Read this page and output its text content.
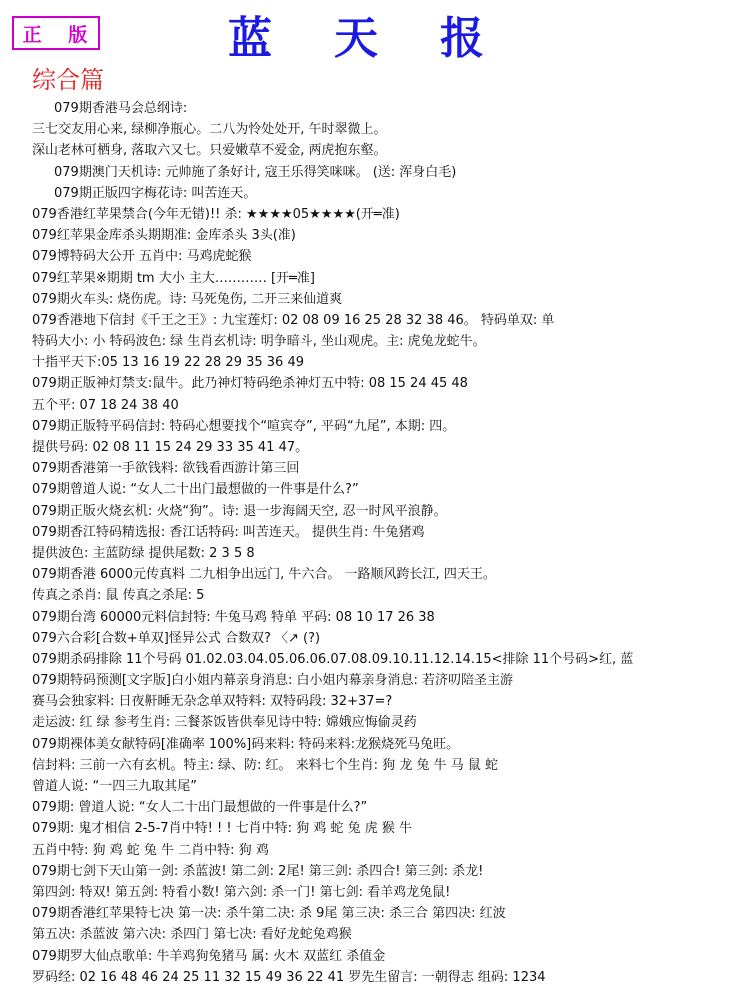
正 版	蓝天报
综合篇
079期香港马会总纲诗:
三七交友用心来, 绿柳净瓶心。二八为怜处处开, 午时翠微上。
深山老林可栖身, 落取六又七。只爱嫩草不爱金, 两虎抱东壑。
079期澳门天机诗: 元帅施了条好计, 寇王乐得笑咪咪。 (送: 浑身白毛)
079期正版四字梅花诗: 叫苦连天。
079香港红苹果禁合(今年无错)!! 杀: ★★★★05★★★★(开═准)
079红苹果金库杀头期期准: 金库杀头 3头(准)
079博特码大公开 五肖中: 马鸡虎蛇猴
079红苹果※期期 tm 大小 主大………… [开═准]
079期火车头: 烧伤虎。诗: 马死兔伤, 二开三来仙道爽
079香港地下信封《千王之王》: 九宝莲灯: 02 08 09 16 25 28 32 38 46。 特码单双: 单
特码大小: 小 特码波色: 绿 生肖玄机诗: 明争暗斗, 坐山观虎。主: 虎兔龙蛇牛。
十指平天下:05 13 16 19 22 28 29 35 36 49
079期正版神灯禁支:鼠牛。此乃神灯特码绝杀神灯五中特: 08 15 24 45 48
五个平: 07 18 24 38 40
079期正版特平码信封: 特码心想要找个“喧宾夺”, 平码“九尾”, 本期: 四。
提供号码: 02 08 11 15 24 29 33 35 41 47。
079期香港第一手欲钱料: 欲钱看西游计第三回
079期曾道人说: “女人二十出门最想做的一件事是什么?”
079期正版火烧玄机: 火烧“狗”。诗: 退一步海阔天空, 忍一时风平浪静。
079期香江特码精选报: 香江话特码: 叫苦连天。 提供生肖: 牛兔猪鸡
提供波色: 主蓝防绿 提供尾数: 2 3 5 8
079期香港 6000元传真料 二九相争出远门, 牛六合。 一路顺风跨长江, 四天王。
传真之杀肖: 鼠 传真之杀尾: 5
079期台湾 60000元料信封特: 牛兔马鸡 特单 平码: 08 10 17 26 38
079六合彩[合数+单双]怪异公式 合数双? 〈↗ (?)
079期杀码排除 11个号码 01.02.03.04.05.06.06.07.08.09.10.11.12.14.15<排除 11个号码>红, 蓝
079期特码预测[文字版]白小姐内幕亲身消息: 白小姐内幕亲身消息: 若济叨陪圣主游
赛马会独家料: 日夜鼾睡无杂念单双特料: 双特码段: 32+37=?
走运波: 红 绿 参考生肖: 三餐茶饭皆供奉见诗中特: 嫦娥应悔偷灵药
079期裸体美女献特码[准确率 100%]码来料: 特码来料:龙猴烧死马兔旺。
信封料: 三前一六有玄机。特主: 绿、防: 红。 来料七个生肖: 狗 龙 兔 牛 马 鼠 蛇
曾道人说: “一四三九取其尾”
079期: 曾道人说: “女人二十出门最想做的一件事是什么?”
079期: 鬼才相信 2-5-7肖中特! ! ! 七肖中特: 狗 鸡 蛇 兔 虎 猴 牛
五肖中特: 狗 鸡 蛇 兔 牛 二肖中特: 狗 鸡
079期七剑下天山第一剑: 杀蓝波! 第二剑: 2尾! 第三剑: 杀四合! 第三剑: 杀龙!
第四剑: 特双! 第五剑: 特看小数! 第六剑: 杀一门! 第七剑: 看羊鸡龙兔鼠!
079期香港红苹果特七决 第一决: 杀牛第二决: 杀 9尾 第三决: 杀三合 第四决: 红波
第五决: 杀蓝波 第六决: 杀四门 第七决: 看好龙蛇兔鸡猴
079期罗大仙点歌单: 牛羊鸡狗兔猪马 属: 火木 双蓝红 杀值金
罗码经: 02 16 48 46 24 25 11 32 15 49 36 22 41 罗先生留言: 一朝得志 组码: 1234
